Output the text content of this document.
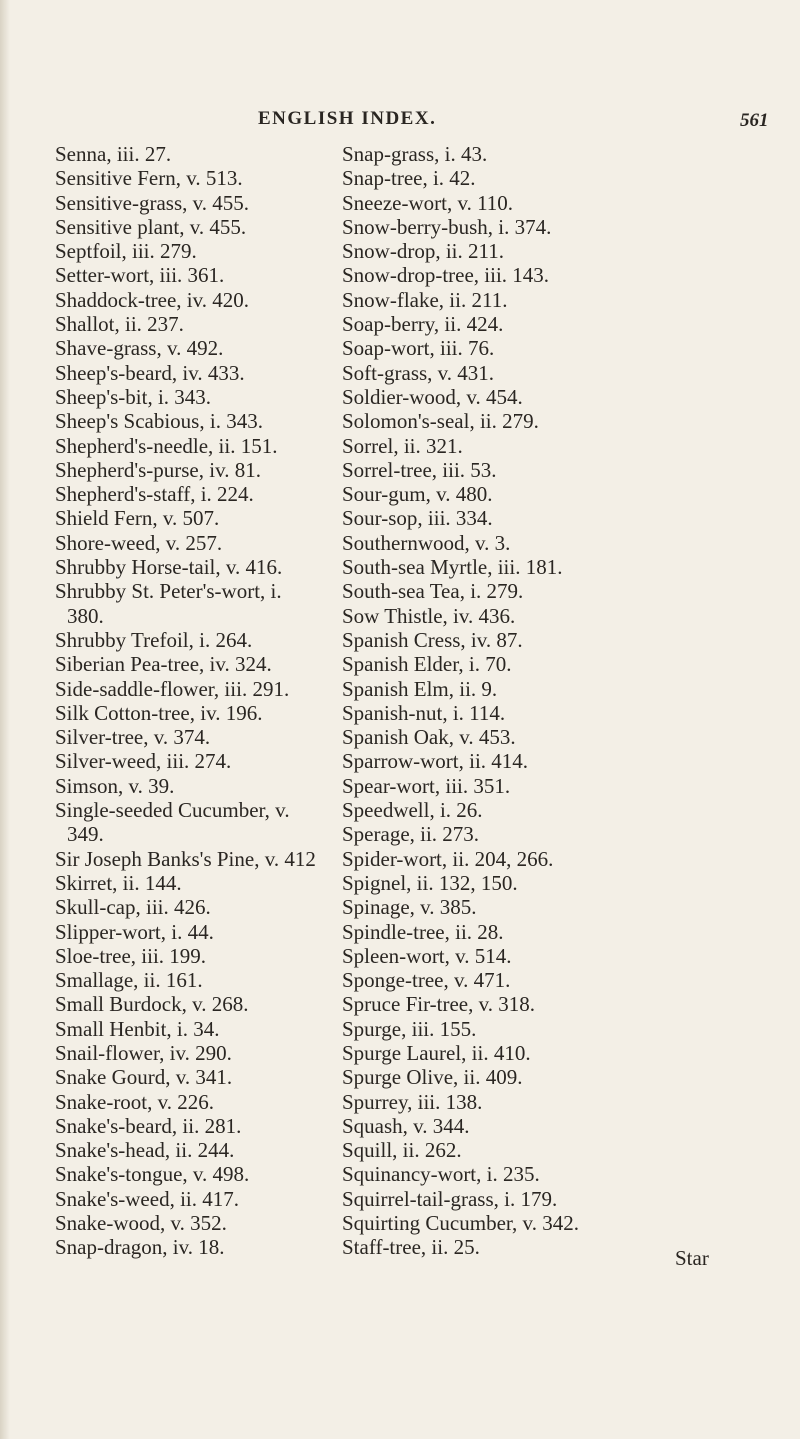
ENGLISH INDEX.	561
Senna, iii. 27.
Sensitive Fern, v. 513.
Sensitive-grass, v. 455.
Sensitive plant, v. 455.
Septfoil, iii. 279.
Setter-wort, iii. 361.
Shaddock-tree, iv. 420.
Shallot, ii. 237.
Shave-grass, v. 492.
Sheep's-beard, iv. 433.
Sheep's-bit, i. 343.
Sheep's Scabious, i. 343.
Shepherd's-needle, ii. 151.
Shepherd's-purse, iv. 81.
Shepherd's-staff, i. 224.
Shield Fern, v. 507.
Shore-weed, v. 257.
Shrubby Horse-tail, v. 416.
Shrubby St. Peter's-wort, i.
380.
Shrubby Trefoil, i. 264.
Siberian Pea-tree, iv. 324.
Side-saddle-flower, iii. 291.
Silk Cotton-tree, iv. 196.
Silver-tree, v. 374.
Silver-weed, iii. 274.
Simson, v. 39.
Single-seeded Cucumber, v.
349.
Sir Joseph Banks's Pine, v. 412
Skirret, ii. 144.
Skull-cap, iii. 426.
Slipper-wort, i. 44.
Sloe-tree, iii. 199.
Smallage, ii. 161.
Small Burdock, v. 268.
Small Henbit, i. 34.
Snail-flower, iv. 290.
Snake Gourd, v. 341.
Snake-root, v. 226.
Snake's-beard, ii. 281.
Snake's-head, ii. 244.
Snake's-tongue, v. 498.
Snake's-weed, ii. 417.
Snake-wood, v. 352.
Snap-dragon, iv. 18.
Snap-grass, i. 43.
Snap-tree, i. 42.
Sneeze-wort, v. 110.
Snow-berry-bush, i. 374.
Snow-drop, ii. 211.
Snow-drop-tree, iii. 143.
Snow-flake, ii. 211.
Soap-berry, ii. 424.
Soap-wort, iii. 76.
Soft-grass, v. 431.
Soldier-wood, v. 454.
Solomon's-seal, ii. 279.
Sorrel, ii. 321.
Sorrel-tree, iii. 53.
Sour-gum, v. 480.
Sour-sop, iii. 334.
Southernwood, v. 3.
South-sea Myrtle, iii. 181.
South-sea Tea, i. 279.
Sow Thistle, iv. 436.
Spanish Cress, iv. 87.
Spanish Elder, i. 70.
Spanish Elm, ii. 9.
Spanish-nut, i. 114.
Spanish Oak, v. 453.
Sparrow-wort, ii. 414.
Spear-wort, iii. 351.
Speedwell, i. 26.
Sperage, ii. 273.
Spider-wort, ii. 204, 266.
Spignel, ii. 132, 150.
Spinage, v. 385.
Spindle-tree, ii. 28.
Spleen-wort, v. 514.
Sponge-tree, v. 471.
Spruce Fir-tree, v. 318.
Spurge, iii. 155.
Spurge Laurel, ii. 410.
Spurge Olive, ii. 409.
Spurrey, iii. 138.
Squash, v. 344.
Squill, ii. 262.
Squinancy-wort, i. 235.
Squirrel-tail-grass, i. 179.
Squirting Cucumber, v. 342.
Staff-tree, ii. 25.	Star
